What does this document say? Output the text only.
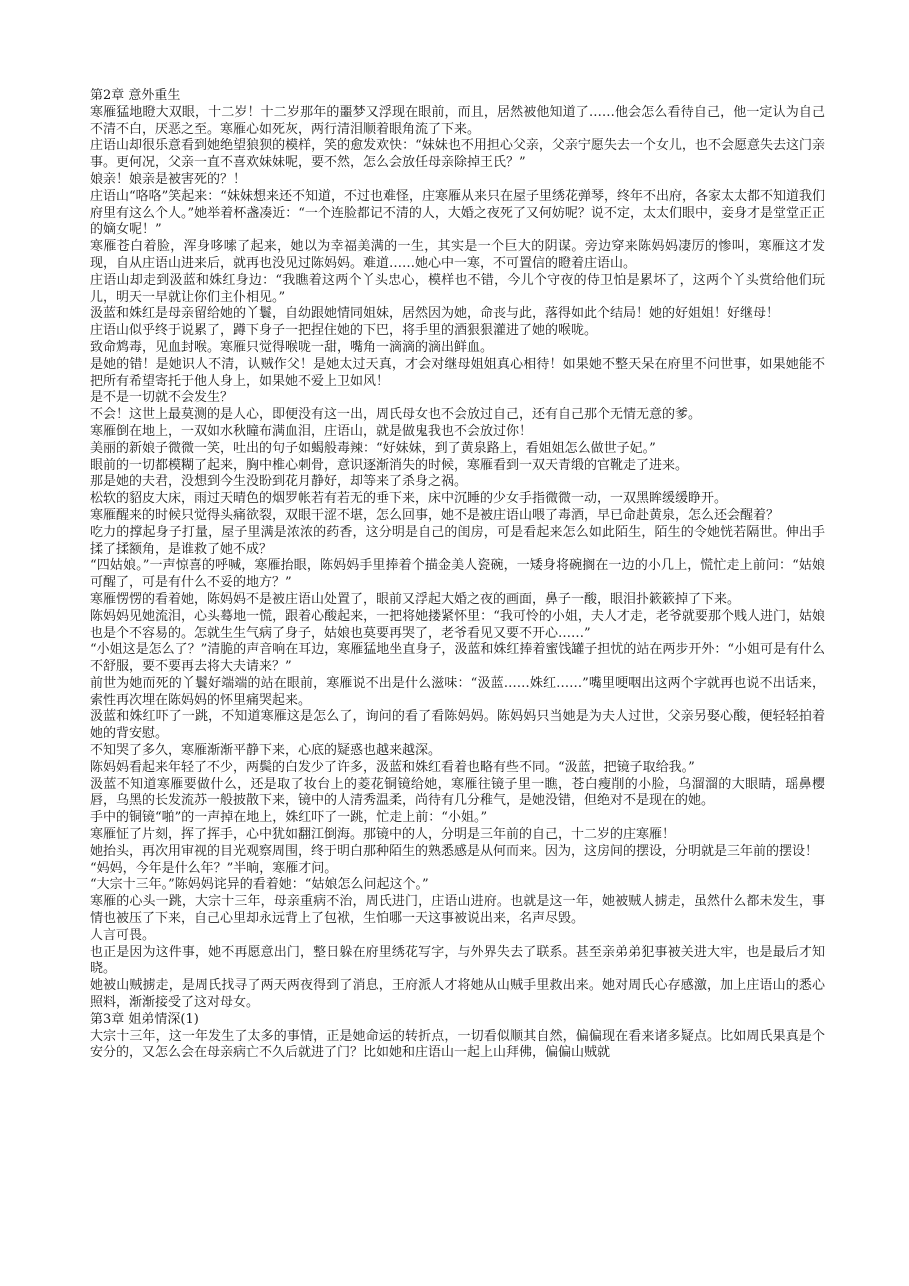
第2章 意外重生
寒雁猛地瞪大双眼，十二岁！十二岁那年的噩梦又浮现在眼前，而且，居然被他知道了……他会怎么看待自己，他一定认为自己不清不白，厌恶之至。寒雁心如死灰，两行清泪顺着眼角流了下来。
庄语山却很乐意看到她绝望狼狈的模样，笑的愈发欢快：“妹妹也不用担心父亲，父亲宁愿失去一个女儿，也不会愿意失去这门亲事。更何况，父亲一直不喜欢妹妹呢，要不然，怎么会放任母亲除掉王氏？”
娘亲！娘亲是被害死的？！
庄语山“咯咯”笑起来：“妹妹想来还不知道，不过也难怪，庄寒雁从来只在屋子里绣花弹琴，终年不出府，各家太太都不知道我们府里有这么个人。”她举着杯盏凑近：“一个连脸都记不清的人，大婚之夜死了又何妨呢？说不定，太太们眼中，妾身才是堂堂正正的嫡女呢！”
寒雁苍白着脸，浑身哆嗦了起来，她以为幸福美满的一生，其实是一个巨大的阴谋。旁边穿来陈妈妈凄厉的惨叫，寒雁这才发现，自从庄语山进来后，就再也没见过陈妈妈。难道……她心中一寒，不可置信的瞪着庄语山。
庄语山却走到汲蓝和姝红身边：“我瞧着这两个丫头忠心，模样也不错，今儿个守夜的侍卫怕是累坏了，这两个丫头赏给他们玩儿，明天一早就让你们主仆相见。”
汲蓝和姝红是母亲留给她的丫鬟，自幼跟她情同姐妹，居然因为她，命丧与此，落得如此个结局！她的好姐姐！好继母！
庄语山似乎终于说累了，蹲下身子一把捏住她的下巴，将手里的酒狠狠灌进了她的喉咙。
致命鸩毒，见血封喉。寒雁只觉得喉咙一甜，嘴角一滴滴的滴出鲜血。
是她的错！是她识人不清，认贼作父！是她太过天真，才会对继母姐姐真心相待！如果她不整天呆在府里不问世事，如果她能不把所有希望寄托于他人身上，如果她不爱上卫如风！
是不是一切就不会发生？
不会！这世上最莫测的是人心，即便没有这一出，周氏母女也不会放过自己，还有自己那个无情无意的爹。
寒雁倒在地上，一双如水秋瞳布满血泪，庄语山，就是做鬼我也不会放过你！
美丽的新娘子微微一笑，吐出的句子如蝎般毒辣：“好妹妹，到了黄泉路上，看姐姐怎么做世子妃。”
眼前的一切都模糊了起来，胸中椎心刺骨，意识逐渐消失的时候，寒雁看到一双天青缎的官靴走了进来。
那是她的夫君，没想到今生没盼到花月静好，却等来了杀身之祸。
松软的貂皮大床，雨过天晴色的烟罗帐若有若无的垂下来，床中沉睡的少女手指微微一动，一双黑眸缓缓睁开。
寒雁醒来的时候只觉得头痛欲裂，双眼干涩不堪，怎么回事，她不是被庄语山喂了毒酒，早已命赴黄泉，怎么还会醒着？
吃力的撑起身子打量，屋子里满是浓浓的药香，这分明是自己的闺房，可是看起来怎么如此陌生，陌生的令她恍若隔世。伸出手揉了揉额角，是谁救了她不成？
“四姑娘。”一声惊喜的呼喊，寒雁抬眼，陈妈妈手里捧着个描金美人瓷碗，一矮身将碗搁在一边的小几上，慌忙走上前问：“姑娘可醒了，可是有什么不妥的地方？”
寒雁愣愣的看着她，陈妈妈不是被庄语山处置了，眼前又浮起大婚之夜的画面，鼻子一酸，眼泪扑簌簌掉了下来。
陈妈妈见她流泪，心头蓦地一慌，跟着心酸起来，一把将她搂紧怀里：“我可怜的小姐，夫人才走，老爷就要那个贱人进门，姑娘也是个不容易的。怎就生生气病了身子，姑娘也莫要再哭了，老爷看见又要不开心……”
“小姐这是怎么了？”清脆的声音响在耳边，寒雁猛地坐直身子，汲蓝和姝红捧着蜜饯罐子担忧的站在两步开外：“小姐可是有什么不舒服，要不要再去将大夫请来？”
前世为她而死的丫鬟好端端的站在眼前，寒雁说不出是什么滋味：“汲蓝……姝红……”嘴里哽咽出这两个字就再也说不出话来，索性再次埋在陈妈妈的怀里痛哭起来。
汲蓝和姝红吓了一跳，不知道寒雁这是怎么了，询问的看了看陈妈妈。陈妈妈只当她是为夫人过世，父亲另娶心酸，便轻轻拍着她的背安慰。
不知哭了多久，寒雁渐渐平静下来，心底的疑惑也越来越深。
陈妈妈看起来年轻了不少，两鬓的白发少了许多，汲蓝和姝红看着也略有些不同。“汲蓝，把镜子取给我。”
汲蓝不知道寒雁要做什么，还是取了妆台上的菱花铜镜给她，寒雁往镜子里一瞧，苍白瘦削的小脸，乌溜溜的大眼睛，瑶鼻樱唇，乌黑的长发流苏一般披散下来，镜中的人清秀温柔，尚待有几分稚气，是她没错，但绝对不是现在的她。
手中的铜镜“啪”的一声掉在地上，姝红吓了一跳，忙走上前：“小姐。”
寒雁怔了片刻，挥了挥手，心中犹如翻江倒海。那镜中的人，分明是三年前的自己，十二岁的庄寒雁！
她抬头，再次用审视的目光观察周围，终于明白那种陌生的熟悉感是从何而来。因为，这房间的摆设，分明就是三年前的摆设！
“妈妈，今年是什么年？”半晌，寒雁才问。
“大宗十三年。”陈妈妈诧异的看着她：“姑娘怎么问起这个。”
寒雁的心头一跳，大宗十三年，母亲重病不治，周氏进门，庄语山进府。也就是这一年，她被贼人掳走，虽然什么都未发生，事情也被压了下来，自己心里却永远背上了包袱，生怕哪一天这事被说出来，名声尽毁。
人言可畏。
也正是因为这件事，她不再愿意出门，整日躲在府里绣花写字，与外界失去了联系。甚至亲弟弟犯事被关进大牢，也是最后才知晓。
她被山贼掳走，是周氏找寻了两天两夜得到了消息，王府派人才将她从山贼手里救出来。她对周氏心存感激，加上庄语山的悉心照料，渐渐接受了这对母女。
第3章 姐弟情深(1)
大宗十三年，这一年发生了太多的事情，正是她命运的转折点，一切看似顺其自然，偏偏现在看来诸多疑点。比如周氏果真是个安分的，又怎么会在母亲病亡不久后就进了门？比如她和庄语山一起上山拜佛，偏偏山贼就
